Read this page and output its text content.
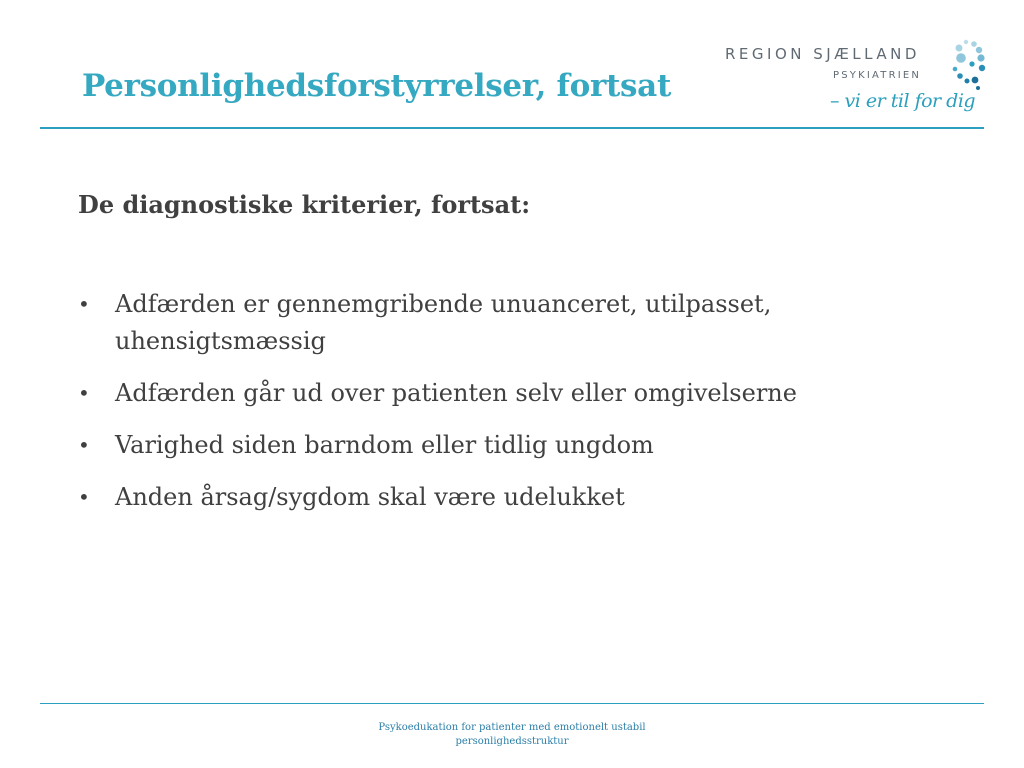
Personlighedsforstyrrelser, fortsat
REGION SJÆLLAND
PSYKIATRIEN
– vi er til for dig
De diagnostiske kriterier, fortsat:
• Adfærden er gennemgribende unuanceret, utilpasset, uhensigtsmæssig
• Adfærden går ud over patienten selv eller omgivelserne
• Varighed siden barndom eller tidlig ungdom
• Anden årsag/sygdom skal være udelukket
Psykoedukation for patienter med emotionelt ustabil
personlighedsstruktur
